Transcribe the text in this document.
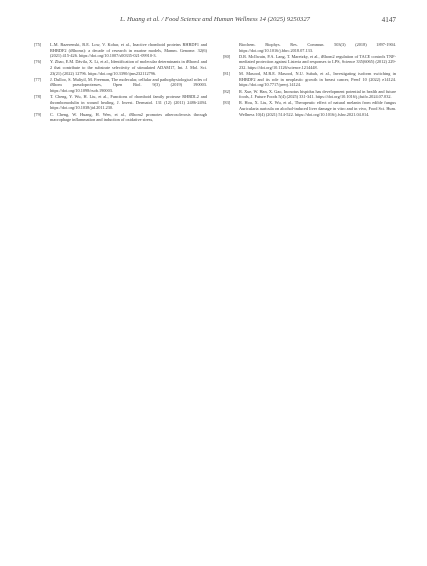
L. Huang et al. / Food Science and Human Wellness 14 (2025) 9250327	4147
[75] L.M. Bazerenski, B.E. Low, V. Kohar, et al., Inactive rhomboid proteins RHBDF1 and RHBDF2 (iRhoms): a decade of research in murine models, Mamm. Genome. 32(6) (2021) 415-426. https://doi.org/10.1007/s00335-021-09910-3.
[76] Y. Zhao, E.M. Dávila, X. Li, et al., Identification of molecular determinants in iRhom1 and 2 that contribute to the substrate selectivity of stimulated ADAM17, Int. J. Mol. Sci. 23(21) (2022) 12796. https://doi.org/10.3390/ijms232112796.
[77] J. Dulloo, S. Muliyil, M. Freeman, The molecular, cellular and pathophysiological roles of iRhom pseudoproteases, Open Biol. 9(3) (2019) 190003. https://doi.org/10.1098/rsob.190003.
[78] T. Cheng, Y. Wu, H. Liu, et al., Functions of rhomboid family protease RHBDL2 and thrombomodulin in wound healing, J. Invest. Dermatol. 131 (12) (2011) 2486-2494. https://doi.org/10.1038/jid.2011.230.
[79] C. Cheng, W. Huang, H. Wen, et al., iRhom2 promotes atherosclerosis through macrophage inflammation and induction of oxidative stress,
Biochem. Biophys. Res. Commun. 503(3) (2018) 1897-1904. https://doi.org/10.1016/j.bbrc.2018.07.133.
[80] D.R. McIlwain, P.A. Lang, T. Maretzky, et al., iRhom2 regulation of TACE controls TNF-mediated protection against Listeria and responses to LPS, Science 335(6065) (2012) 229-232. https://doi.org/10.1126/science.1214448.
[81] M. Masood, M.B.E. Masood, N.U. Subah, et al., Investigating isoform switching in RHBDF2 and its role in neoplastic growth in breast cancer, PeerJ 10 (2022) e14124. https://doi.org/10.7717/peerj.14124.
[82] R. Xue, W. Han, X. Gao, Inonotus hispidus has development potential in health and future foods, J. Future Foods 5(4) (2025) 331-341. https://doi.org/10.1016/j.jfutfo.2024.07.032.
[83] R. Hou, X. Liu, X. Wu, et al., Therapeutic effect of natural melanin from edible fungus Auricularia auricula on alcohol-induced liver damage in vitro and in vivo, Food Sci. Hum. Wellness 10(4) (2021) 514-522. https://doi.org/10.1016/j.fshw.2021.04.014.
